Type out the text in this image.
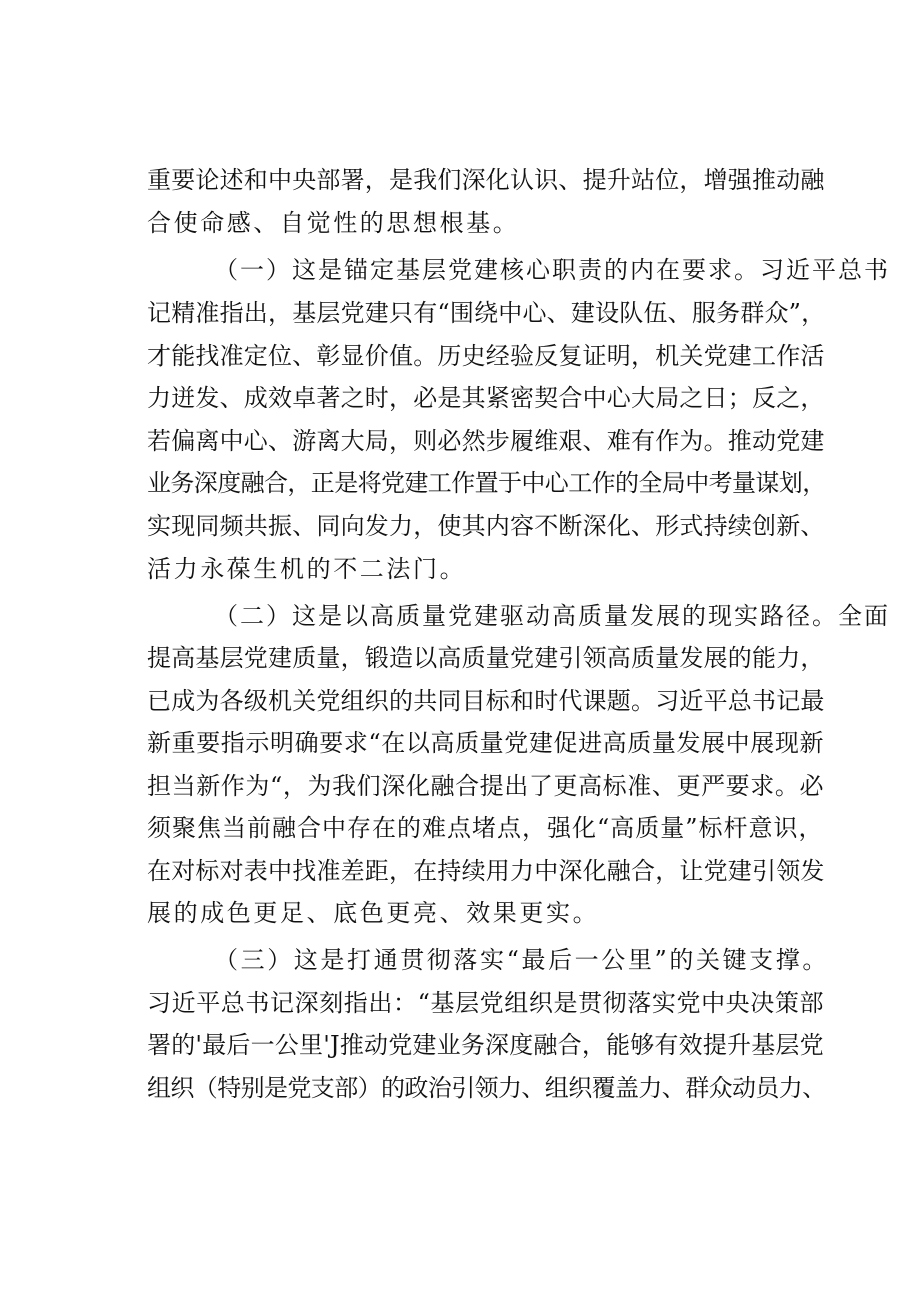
重要论述和中央部署，是我们深化认识、提升站位，增强推动融
合使命感、自觉性的思想根基。
（一）这是锚定基层党建核心职责的内在要求。习近平总书
记精准指出，基层党建只有“围绕中心、建设队伍、服务群众”，
才能找准定位、彰显价值。历史经验反复证明，机关党建工作活
力迸发、成效卓著之时，必是其紧密契合中心大局之日；反之，
若偏离中心、游离大局，则必然步履维艰、难有作为。推动党建
业务深度融合，正是将党建工作置于中心工作的全局中考量谋划，
实现同频共振、同向发力，使其内容不断深化、形式持续创新、
活力永葆生机的不二法门。
（二）这是以高质量党建驱动高质量发展的现实路径。全面
提高基层党建质量，锻造以高质量党建引领高质量发展的能力，
已成为各级机关党组织的共同目标和时代课题。习近平总书记最
新重要指示明确要求“在以高质量党建促进高质量发展中展现新
担当新作为“，为我们深化融合提出了更高标准、更严要求。必
须聚焦当前融合中存在的难点堵点，强化“高质量”标杆意识，
在对标对表中找准差距，在持续用力中深化融合，让党建引领发
展的成色更足、底色更亮、效果更实。
（三）这是打通贯彻落实“最后一公里”的关键支撑。
习近平总书记深刻指出：“基层党组织是贯彻落实党中央决策部
署的'最后一公里'J推动党建业务深度融合，能够有效提升基层党
组织（特别是党支部）的政治引领力、组织覆盖力、群众动员力、
